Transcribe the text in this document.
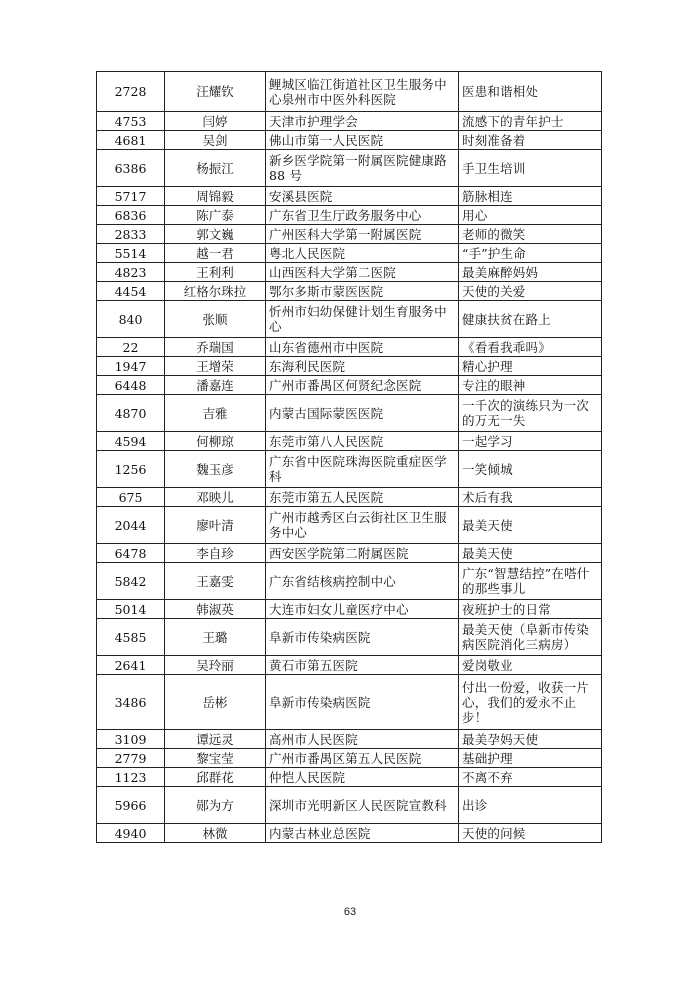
2728	汪耀钦	鲤城区临江街道社区卫生服务中心泉州市中医外科医院	医患和谐相处
4753	闫婷	天津市护理学会	流感下的青年护士
4681	吴剑	佛山市第一人民医院	时刻准备着
6386	杨振江	新乡医学院第一附属医院健康路 88 号	手卫生培训
5717	周锦毅	安溪县医院	筋脉相连
6836	陈广泰	广东省卫生厅政务服务中心	用心
2833	郭文巍	广州医科大学第一附属医院	老师的微笑
5514	越一君	粤北人民医院	“手”护生命
4823	王利利	山西医科大学第二医院	最美麻醉妈妈
4454	红格尔珠拉	鄂尔多斯市蒙医医院	天使的关爱
840	张顺	忻州市妇幼保健计划生育服务中心	健康扶贫在路上
22	乔瑞国	山东省德州市中医院	《看看我乖吗》
1947	王增荣	东海利民医院	精心护理
6448	潘嘉连	广州市番禺区何贤纪念医院	专注的眼神
4870	吉雅	内蒙古国际蒙医医院	一千次的演练只为一次的万无一失
4594	何柳琼	东莞市第八人民医院	一起学习
1256	魏玉彦	广东省中医院珠海医院重症医学科	一笑倾城
675	邓映儿	东莞市第五人民医院	术后有我
2044	廖叶清	广州市越秀区白云街社区卫生服务中心	最美天使
6478	李自珍	西安医学院第二附属医院	最美天使
5842	王嘉雯	广东省结核病控制中心	广东“智慧结控”在嗒什的那些事儿
5014	韩淑英	大连市妇女儿童医疗中心	夜班护士的日常
4585	王璐	阜新市传染病医院	最美天使（阜新市传染病医院消化三病房）
2641	吴玲丽	黄石市第五医院	爱岗敬业
3486	岳彬	阜新市传染病医院	付出一份爱，收获一片心，我们的爱永不止步！
3109	谭远灵	高州市人民医院	最美孕妈天使
2779	黎宝莹	广州市番禺区第五人民医院	基础护理
1123	邱群花	仲恺人民医院	不离不弃
5966	郧为方	深圳市光明新区人民医院宣教科	出诊
4940	林微	内蒙古林业总医院	天使的问候
63
